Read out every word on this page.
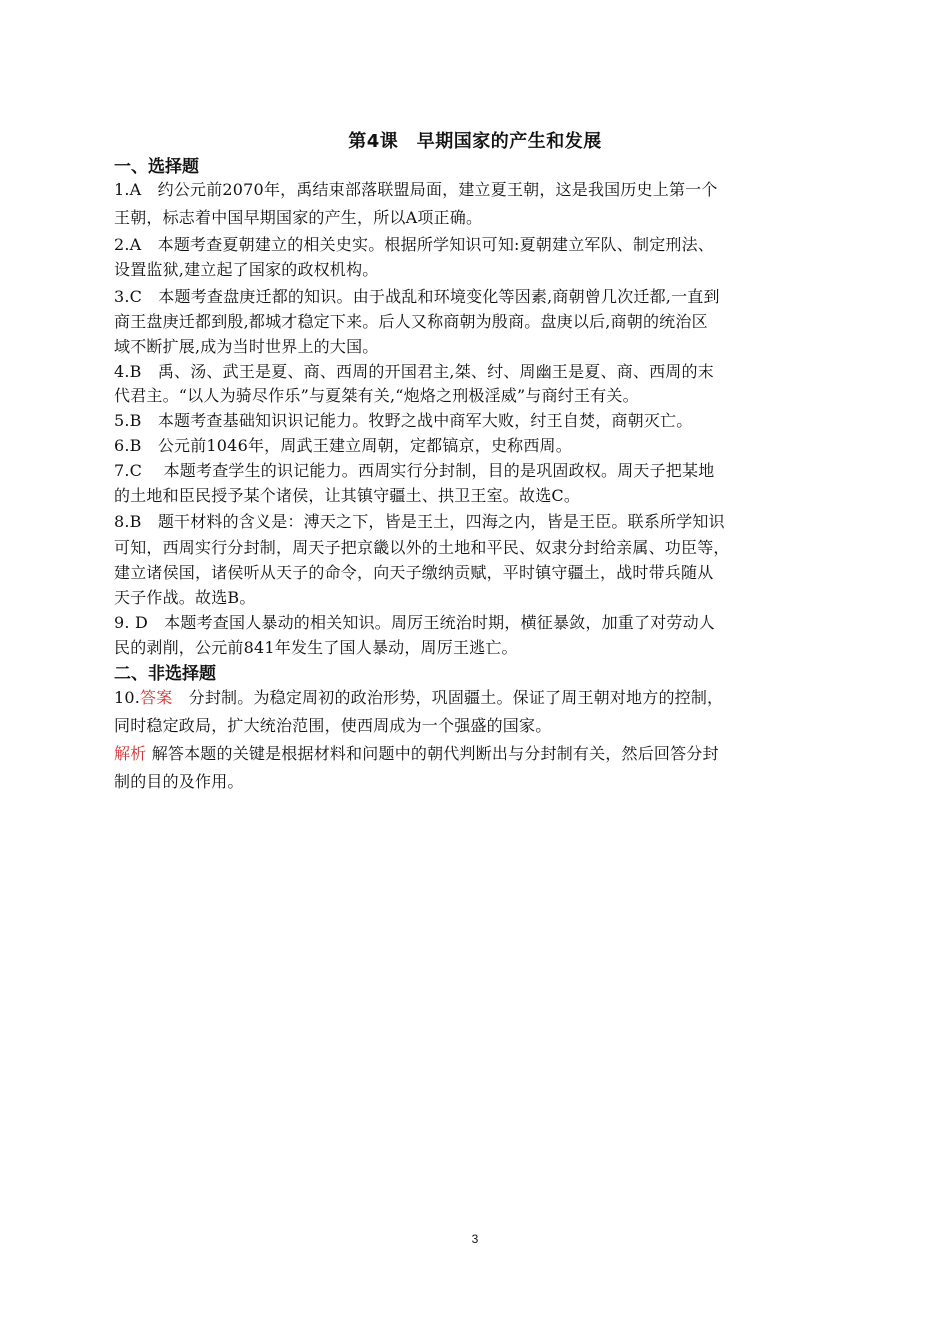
第4课　早期国家的产生和发展
一、选择题
1.A　约公元前2070年，禹结束部落联盟局面，建立夏王朝，这是我国历史上第一个
王朝，标志着中国早期国家的产生，所以A项正确。
2.A　本题考查夏朝建立的相关史实。根据所学知识可知:夏朝建立军队、制定刑法、
设置监狱,建立起了国家的政权机构。
3.C　本题考查盘庚迁都的知识。由于战乱和环境变化等因素,商朝曾几次迁都,一直到
商王盘庚迁都到殷,都城才稳定下来。后人又称商朝为殷商。盘庚以后,商朝的统治区
域不断扩展,成为当时世界上的大国。
4.B　禹、汤、武王是夏、商、西周的开国君主,桀、纣、周幽王是夏、商、西周的末
代君主。“以人为骑尽作乐”与夏桀有关,“炮烙之刑极淫威”与商纣王有关。
5.B　本题考查基础知识识记能力。牧野之战中商军大败，纣王自焚，商朝灭亡。
6.B　公元前1046年，周武王建立周朝，定都镐京，史称西周。
7.C　 本题考查学生的识记能力。西周实行分封制，目的是巩固政权。周天子把某地
的土地和臣民授予某个诸侯，让其镇守疆土、拱卫王室。故选C。
8.B　题干材料的含义是：溥天之下，皆是王土，四海之内，皆是王臣。联系所学知识
可知，西周实行分封制，周天子把京畿以外的土地和平民、奴隶分封给亲属、功臣等，
建立诸侯国，诸侯听从天子的命令，向天子缴纳贡赋，平时镇守疆土，战时带兵随从
天子作战。故选B。
9. D　本题考查国人暴动的相关知识。周厉王统治时期，横征暴敛，加重了对劳动人
民的剥削，公元前841年发生了国人暴动，周厉王逃亡。
二、非选择题
10.答案　分封制。为稳定周初的政治形势，巩固疆土。保证了周王朝对地方的控制，
同时稳定政局，扩大统治范围，使西周成为一个强盛的国家。
解析 解答本题的关键是根据材料和问题中的朝代判断出与分封制有关，然后回答分封
制的目的及作用。
3
